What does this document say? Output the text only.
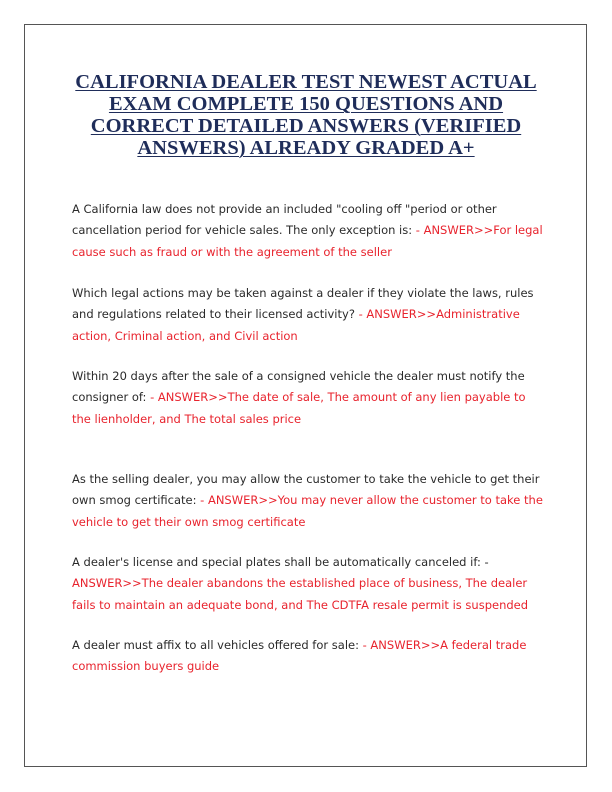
CALIFORNIA DEALER TEST NEWEST ACTUAL EXAM COMPLETE 150 QUESTIONS AND CORRECT DETAILED ANSWERS (VERIFIED ANSWERS) ALREADY GRADED A+

A California law does not provide an included "cooling off "period or other cancellation period for vehicle sales. The only exception is: - ANSWER>>For legal cause such as fraud or with the agreement of the seller

Which legal actions may be taken against a dealer if they violate the laws, rules and regulations related to their licensed activity? - ANSWER>>Administrative action, Criminal action, and Civil action

Within 20 days after the sale of a consigned vehicle the dealer must notify the consigner of: - ANSWER>>The date of sale, The amount of any lien payable to the lienholder, and The total sales price

As the selling dealer, you may allow the customer to take the vehicle to get their own smog certificate: - ANSWER>>You may never allow the customer to take the vehicle to get their own smog certificate

A dealer's license and special plates shall be automatically canceled if: - ANSWER>>The dealer abandons the established place of business, The dealer fails to maintain an adequate bond, and The CDTFA resale permit is suspended

A dealer must affix to all vehicles offered for sale: - ANSWER>>A federal trade commission buyers guide
